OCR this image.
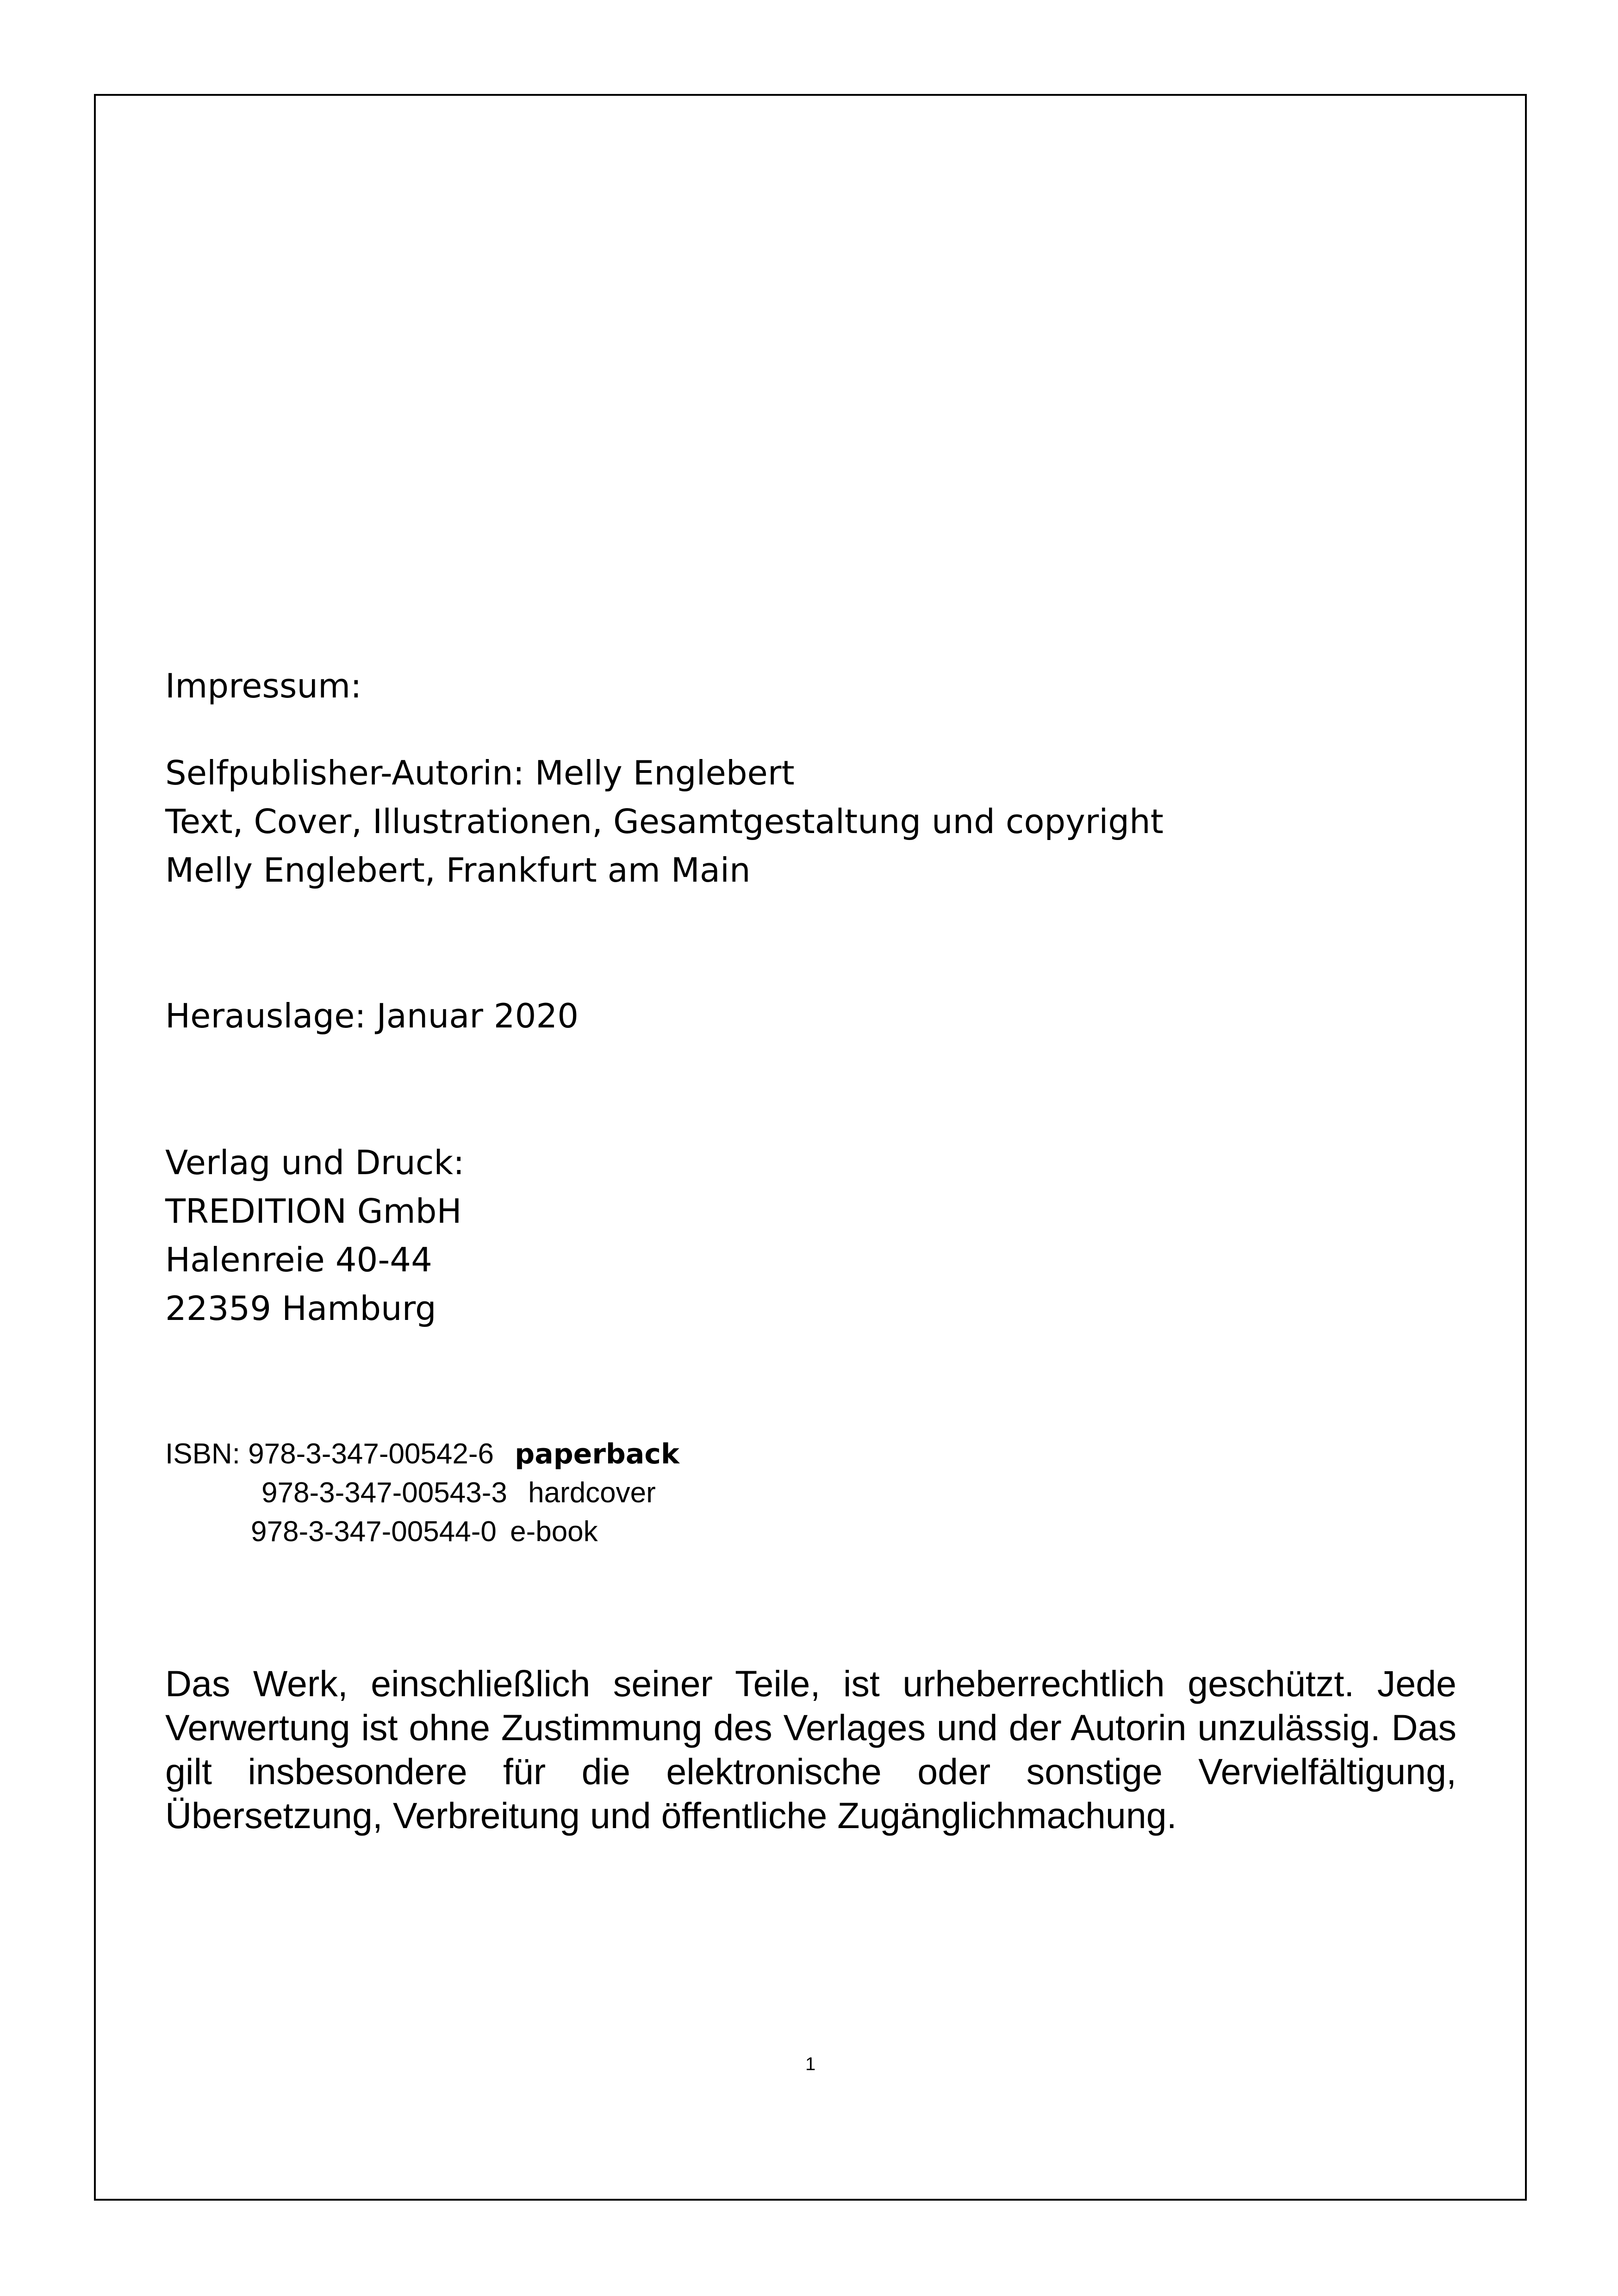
Impressum:
Selfpublisher-Autorin: Melly Englebert
Text, Cover, Illustrationen, Gesamtgestaltung und copyright
Melly Englebert, Frankfurt am Main
Herauslage: Januar 2020
Verlag und Druck:
TREDITION GmbH
Halenreie 40-44
22359 Hamburg
ISBN: 978-3-347-00542-6 paperback
978-3-347-00543-3 hardcover
978-3-347-00544-0 e-book

Das Werk, einschließlich seiner Teile, ist urheberrechtlich geschützt. Jede Verwertung ist ohne Zustimmung des Verlages und der Autorin unzulässig. Das gilt insbesondere für die elektronische oder sonstige Vervielfältigung, Übersetzung, Verbreitung und öffentliche Zugänglichmachung.

1
